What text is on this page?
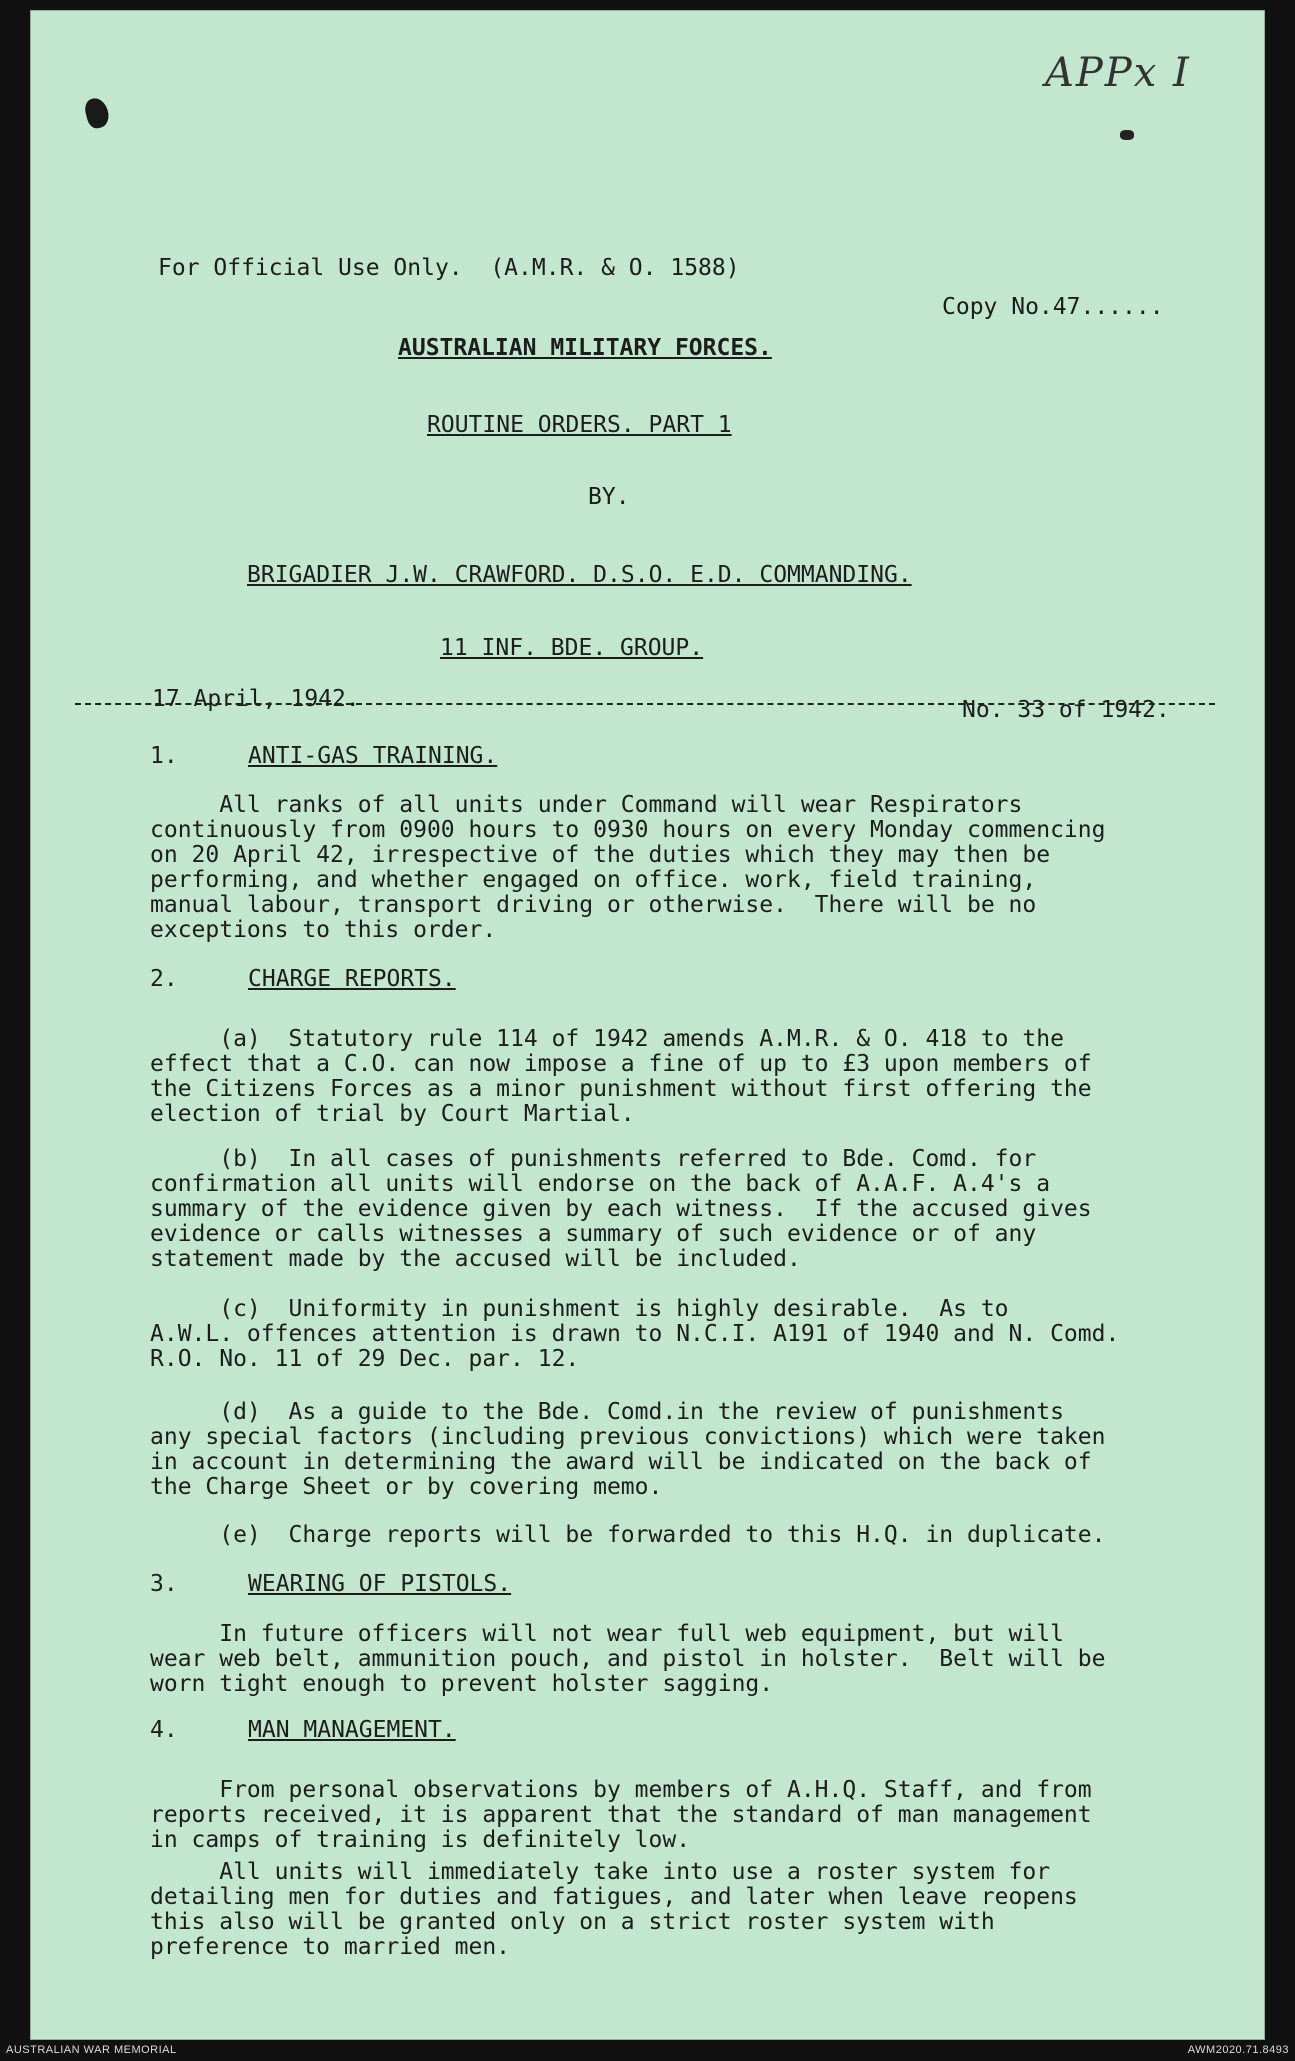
APPx I
For Official Use Only.  (A.M.R. & O. 1588)
Copy No.47......
AUSTRALIAN MILITARY FORCES.
ROUTINE ORDERS. PART 1
BY.
BRIGADIER J.W. CRAWFORD. D.S.O. E.D. COMMANDING.
11 INF. BDE. GROUP.
17 April, 1942.	No. 33 of 1942.
1.	ANTI-GAS TRAINING.
All ranks of all units under Command will wear Respirators
continuously from 0900 hours to 0930 hours on every Monday commencing
on 20 April 42, irrespective of the duties which they may then be
performing, and whether engaged on office. work, field training,
manual labour, transport driving or otherwise.  There will be no
exceptions to this order.
2.	CHARGE REPORTS.
(a)  Statutory rule 114 of 1942 amends A.M.R. & O. 418 to the
effect that a C.O. can now impose a fine of up to £3 upon members of
the Citizens Forces as a minor punishment without first offering the
election of trial by Court Martial.
(b)  In all cases of punishments referred to Bde. Comd. for
confirmation all units will endorse on the back of A.A.F. A.4's a
summary of the evidence given by each witness.  If the accused gives
evidence or calls witnesses a summary of such evidence or of any
statement made by the accused will be included.
(c)  Uniformity in punishment is highly desirable.  As to
A.W.L. offences attention is drawn to N.C.I. A191 of 1940 and N. Comd.
R.O. No. 11 of 29 Dec. par. 12.
(d)  As a guide to the Bde. Comd.in the review of punishments
any special factors (including previous convictions) which were taken
in account in determining the award will be indicated on the back of
the Charge Sheet or by covering memo.
(e)  Charge reports will be forwarded to this H.Q. in duplicate.
3.	WEARING OF PISTOLS.
In future officers will not wear full web equipment, but will
wear web belt, ammunition pouch, and pistol in holster.  Belt will be
worn tight enough to prevent holster sagging.
4.	MAN MANAGEMENT.
From personal observations by members of A.H.Q. Staff, and from
reports received, it is apparent that the standard of man management
in camps of training is definitely low.
All units will immediately take into use a roster system for
detailing men for duties and fatigues, and later when leave reopens
this also will be granted only on a strict roster system with
preference to married men.
AUSTRALIAN WAR MEMORIAL	AWM2020.71.8493
